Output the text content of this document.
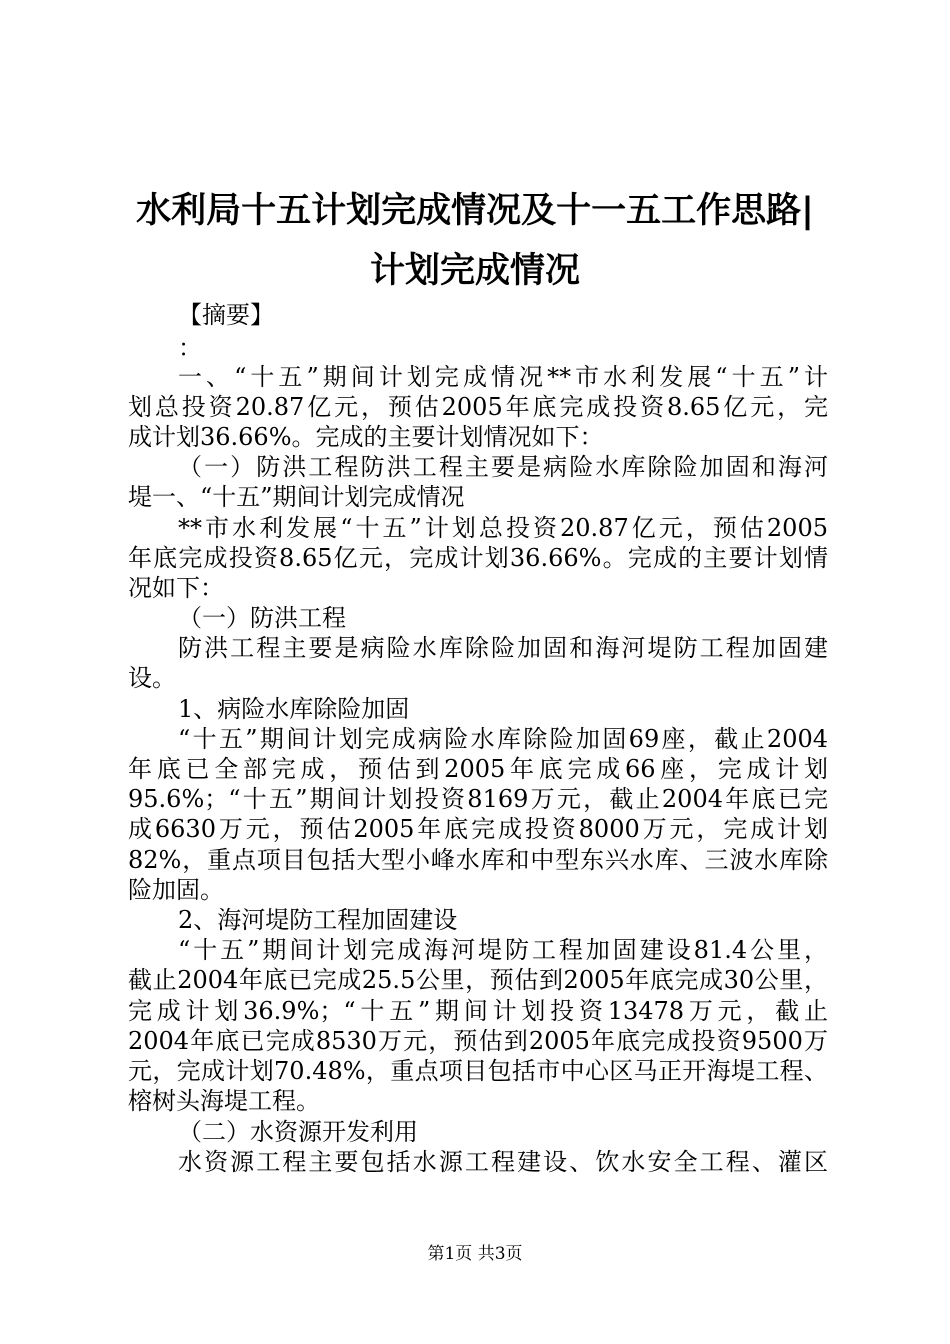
水利局十五计划完成情况及十一五工作思路|
计划完成情况
【摘要】
：
一、“十五”期间计划完成情况**市水利发展“十五”计
划总投资20.87亿元，预估2005年底完成投资8.65亿元，完
成计划36.66%。完成的主要计划情况如下：
（一）防洪工程防洪工程主要是病险水库除险加固和海河
堤一、“十五”期间计划完成情况
**市水利发展“十五”计划总投资20.87亿元，预估2005
年底完成投资8.65亿元，完成计划36.66%。完成的主要计划情
况如下：
（一）防洪工程
防洪工程主要是病险水库除险加固和海河堤防工程加固建
设。
1、病险水库除险加固
“十五”期间计划完成病险水库除险加固69座，截止2004
年底已全部完成，预估到2005年底完成66座，完成计划
95.6%；“十五”期间计划投资8169万元，截止2004年底已完
成6630万元，预估2005年底完成投资8000万元，完成计划
82%，重点项目包括大型小峰水库和中型东兴水库、三波水库除
险加固。
2、海河堤防工程加固建设
“十五”期间计划完成海河堤防工程加固建设81.4公里，
截止2004年底已完成25.5公里，预估到2005年底完成30公里，
完成计划36.9%；“十五”期间计划投资13478万元，截止
2004年底已完成8530万元，预估到2005年底完成投资9500万
元，完成计划70.48%，重点项目包括市中心区马正开海堤工程、
榕树头海堤工程。
（二）水资源开发利用
水资源工程主要包括水源工程建设、饮水安全工程、灌区
第1页 共3页
